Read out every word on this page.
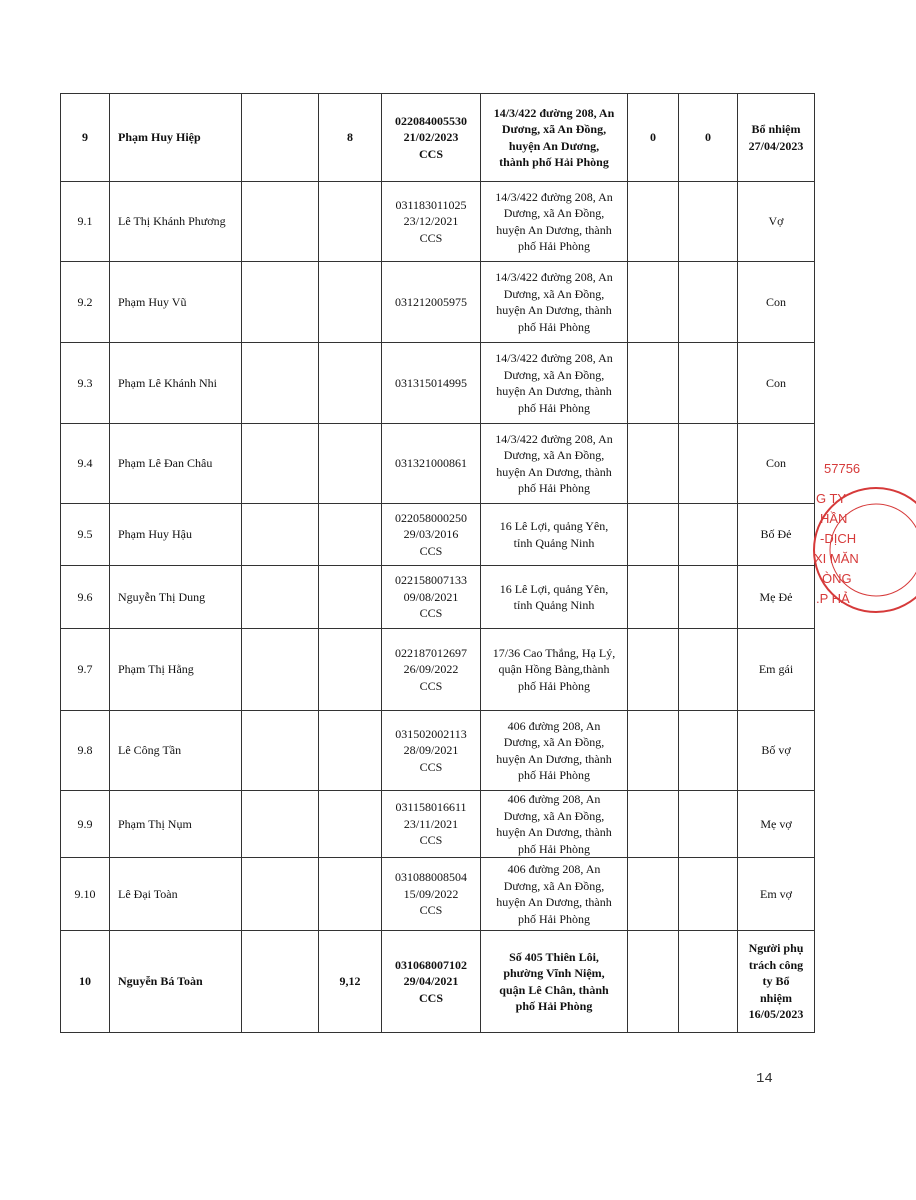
9	Phạm Huy Hiệp		8	022084005530
21/02/2023
CCS	14/3/422 đường 208, An
Dương, xã An Đồng,
huyện An Dương,
thành phố Hải Phòng	0	0	Bổ nhiệm
27/04/2023
9.1	Lê Thị Khánh Phương			031183011025
23/12/2021
CCS	14/3/422 đường 208, An
Dương, xã An Đồng,
huyện An Dương, thành
phố Hải Phòng			Vợ
9.2	Phạm Huy Vũ			031212005975	14/3/422 đường 208, An
Dương, xã An Đồng,
huyện An Dương, thành
phố Hải Phòng			Con
9.3	Phạm Lê Khánh Nhi			031315014995	14/3/422 đường 208, An
Dương, xã An Đồng,
huyện An Dương, thành
phố Hải Phòng			Con
9.4	Phạm Lê Đan Châu			031321000861	14/3/422 đường 208, An
Dương, xã An Đồng,
huyện An Dương, thành
phố Hải Phòng			Con
9.5	Phạm Huy Hậu			022058000250
29/03/2016
CCS	16 Lê Lợi, quảng Yên,
tỉnh Quảng Ninh			Bố Đẻ
9.6	Nguyễn Thị Dung			022158007133
09/08/2021
CCS	16 Lê Lợi, quảng Yên,
tỉnh Quảng Ninh			Mẹ Đẻ
9.7	Phạm Thị Hằng			022187012697
26/09/2022
CCS	17/36 Cao Thắng, Hạ Lý,
quận Hồng Bàng,thành
phố Hải Phòng			Em gái
9.8	Lê Công Tần			031502002113
28/09/2021
CCS	406 đường 208, An
Dương, xã An Đồng,
huyện An Dương, thành
phố Hải Phòng			Bố vợ
9.9	Phạm Thị Nụm			031158016611
23/11/2021
CCS	406 đường 208, An
Dương, xã An Đồng,
huyện An Dương, thành
phố Hải Phòng			Mẹ vợ
9.10	Lê Đại Toàn			031088008504
15/09/2022
CCS	406 đường 208, An
Dương, xã An Đồng,
huyện An Dương, thành
phố Hải Phòng			Em vợ
10	Nguyễn Bá Toàn		9,12	031068007102
29/04/2021
CCS	Số 405 Thiên Lôi,
phường Vĩnh Niệm,
quận Lê Chân, thành
phố Hải Phòng			Người phụ
trách công
ty Bổ
nhiệm
16/05/2023
14
57756
G TY
HẦN
-DỊCH
XI MĂN
ÒNG
.P HẢ
